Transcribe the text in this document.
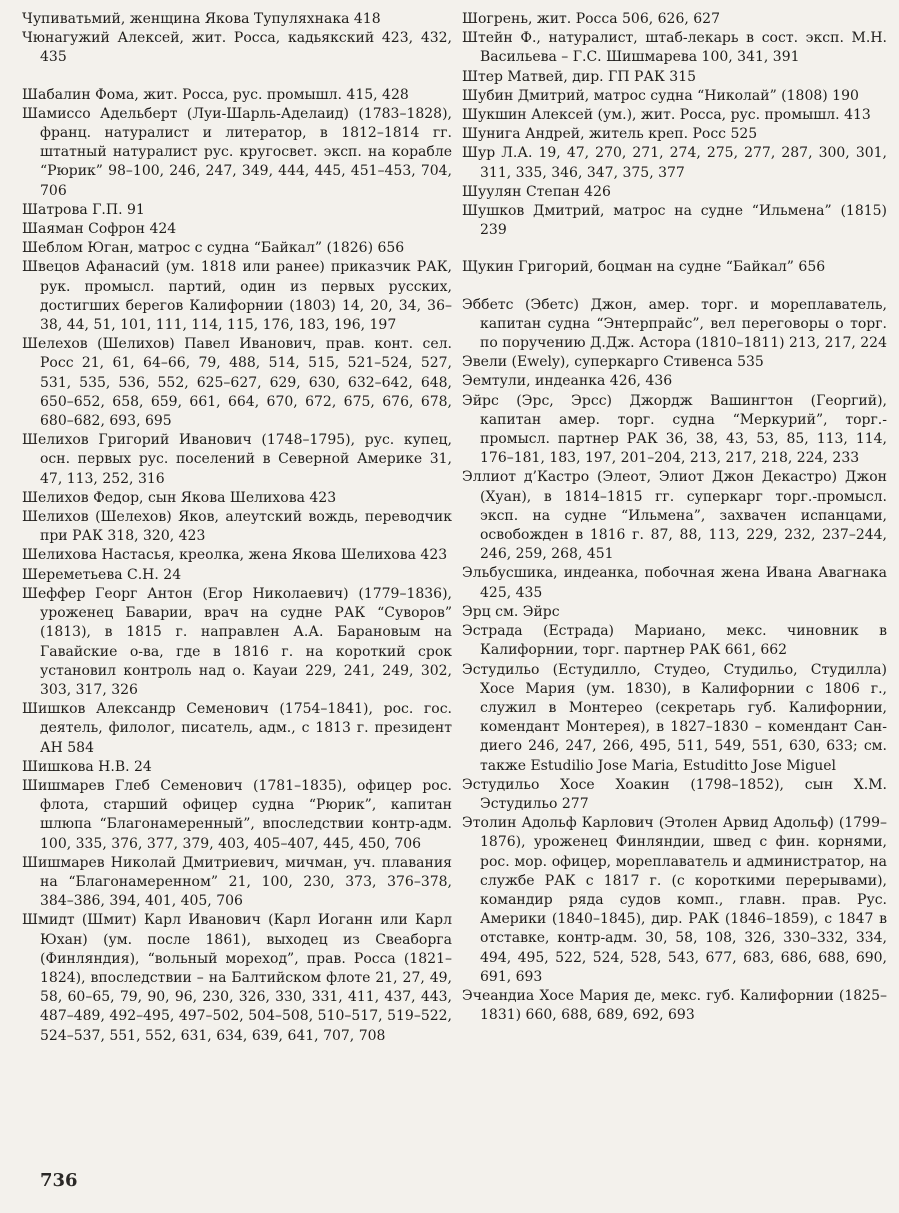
Чупиватьмий, женщина Якова Тупуляхнака 418

Чюнагужий Алексей, жит. Росса, кадьякский 423, 432, 435

Шабалин Фома, жит. Росса, рус. промышл. 415, 428

Шамиссо Адельберт (Луи-Шарль-Аделаид) (1783–1828), франц. натуралист и литератор, в 1812–1814 гг. штатный натуралист рус. кругосвет. эксп. на корабле “Рюрик” 98–100, 246, 247, 349, 444, 445, 451–453, 704, 706

Шатрова Г.П. 91

Шаяман Софрон 424

Шеблом Юган, матрос с судна “Байкал” (1826) 656

Швецов Афанасий (ум. 1818 или ранее) приказчик РАК, рук. промысл. партий, один из первых русских, достигших берегов Калифорнии (1803) 14, 20, 34, 36–38, 44, 51, 101, 111, 114, 115, 176, 183, 196, 197

Шелехов (Шелихов) Павел Иванович, прав. конт. сел. Росс 21, 61, 64–66, 79, 488, 514, 515, 521–524, 527, 531, 535, 536, 552, 625–627, 629, 630, 632–642, 648, 650–652, 658, 659, 661, 664, 670, 672, 675, 676, 678, 680–682, 693, 695

Шелихов Григорий Иванович (1748–1795), рус. купец, осн. первых рус. поселений в Северной Америке 31, 47, 113, 252, 316

Шелихов Федор, сын Якова Шелихова 423

Шелихов (Шелехов) Яков, алеутский вождь, переводчик при РАК 318, 320, 423

Шелихова Настасья, креолка, жена Якова Шелихова 423

Шереметьева С.Н. 24

Шеффер Георг Антон (Егор Николаевич) (1779–1836), уроженец Баварии, врач на судне РАК “Суворов” (1813), в 1815 г. направлен А.А. Барановым на Гавайские о-ва, где в 1816 г. на короткий срок установил контроль над о. Кауаи 229, 241, 249, 302, 303, 317, 326

Шишков Александр Семенович (1754–1841), рос. гос. деятель, филолог, писатель, адм., с 1813 г. президент АН 584

Шишкова Н.В. 24

Шишмарев Глеб Семенович (1781–1835), офицер рос. флота, старший офицер судна “Рюрик”, капитан шлюпа “Благонамеренный”, впоследствии контр-адм. 100, 335, 376, 377, 379, 403, 405–407, 445, 450, 706

Шишмарев Николай Дмитриевич, мичман, уч. плавания на “Благонамеренном” 21, 100, 230, 373, 376–378, 384–386, 394, 401, 405, 706

Шмидт (Шмит) Карл Иванович (Карл Иоганн или Карл Юхан) (ум. после 1861), выходец из Свеаборга (Финляндия), “вольный мореход”, прав. Росса (1821–1824), впоследствии – на Балтийском флоте 21, 27, 49, 58, 60–65, 79, 90, 96, 230, 326, 330, 331, 411, 437, 443, 487–489, 492–495, 497–502, 504–508, 510–517, 519–522, 524–537, 551, 552, 631, 634, 639, 641, 707, 708

Шогрень, жит. Росса 506, 626, 627

Штейн Ф., натуралист, штаб-лекарь в сост. эксп. М.Н. Васильева – Г.С. Шишмарева 100, 341, 391

Штер Матвей, дир. ГП РАК 315

Шубин Дмитрий, матрос судна “Николай” (1808) 190

Шукшин Алексей (ум.), жит. Росса, рус. промышл. 413

Шунига Андрей, житель креп. Росс 525

Шур Л.А. 19, 47, 270, 271, 274, 275, 277, 287, 300, 301, 311, 335, 346, 347, 375, 377

Шуулян Степан 426

Шушков Дмитрий, матрос на судне “Ильмена” (1815) 239

Щукин Григорий, боцман на судне “Байкал” 656

Эббетс (Эбетс) Джон, амер. торг. и мореплаватель, капитан судна “Энтерпрайс”, вел переговоры о торг. по поручению Д.Дж. Астора (1810–1811) 213, 217, 224

Эвели (Ewely), суперкарго Стивенса 535

Эемтули, индеанка 426, 436

Эйрс (Эрс, Эрсс) Джордж Вашингтон (Георгий), капитан амер. торг. судна “Меркурий”, торг.-промысл. партнер РАК 36, 38, 43, 53, 85, 113, 114, 176–181, 183, 197, 201–204, 213, 217, 218, 224, 233

Эллиот д’Кастро (Элеот, Элиот Джон Декастро) Джон (Хуан), в 1814–1815 гг. суперкарг торг.-промысл. эксп. на судне “Ильмена”, захвачен испанцами, освобожден в 1816 г. 87, 88, 113, 229, 232, 237–244, 246, 259, 268, 451

Эльбусшика, индеанка, побочная жена Ивана Авагнака 425, 435

Эрц см. Эйрс

Эстрада (Естрада) Мариано, мекс. чиновник в Калифорнии, торг. партнер РАК 661, 662

Эстудильо (Естудилло, Студео, Студильо, Студилла) Хосе Мария (ум. 1830), в Калифорнии с 1806 г., служил в Монтерео (секретарь губ. Калифорнии, комендант Монтерея), в 1827–1830 – комендант Сан-диего 246, 247, 266, 495, 511, 549, 551, 630, 633; см. также Estudilio Jose Maria, Estuditto Jose Miguel

Эстудильо Хосе Хоакин (1798–1852), сын Х.М. Эстудильо 277

Этолин Адольф Карлович (Этолен Арвид Адольф) (1799–1876), уроженец Финляндии, швед с фин. корнями, рос. мор. офицер, мореплаватель и администратор, на службе РАК с 1817 г. (с короткими перерывами), командир ряда судов комп., главн. прав. Рус. Америки (1840–1845), дир. РАК (1846–1859), с 1847 в отставке, контр-адм. 30, 58, 108, 326, 330–332, 334, 494, 495, 522, 524, 528, 543, 677, 683, 686, 688, 690, 691, 693

Эчеандиа Хосе Мария де, мекс. губ. Калифорнии (1825–1831) 660, 688, 689, 692, 693

736
